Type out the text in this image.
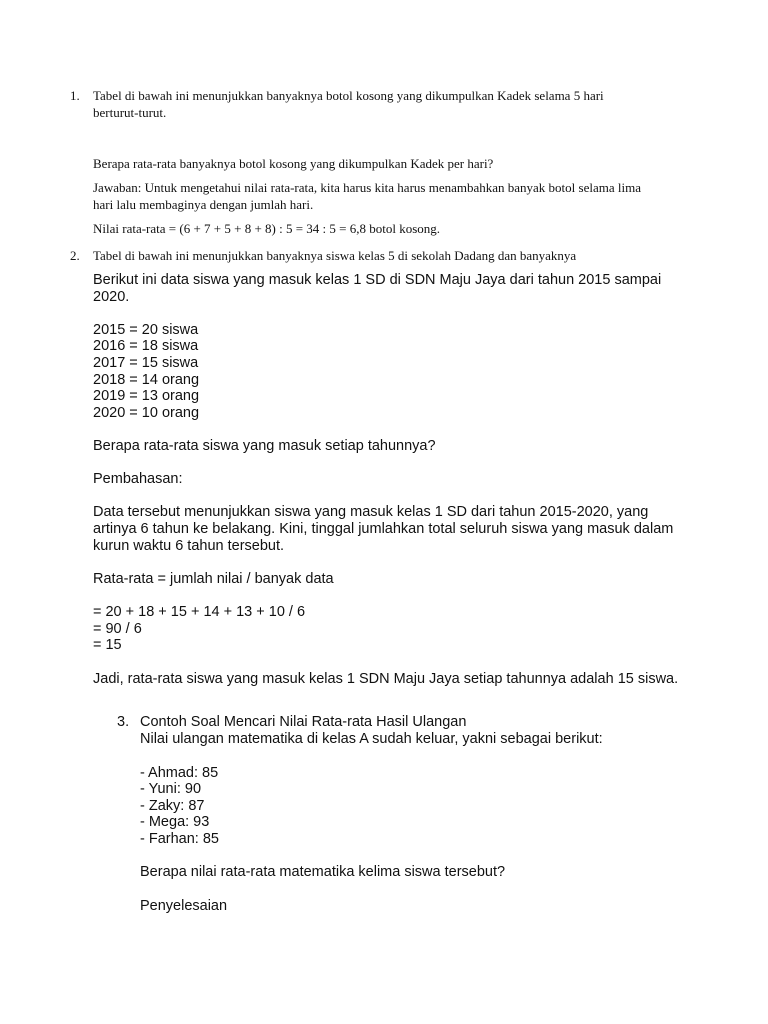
1. Tabel di bawah ini menunjukkan banyaknya botol kosong yang dikumpulkan Kadek selama 5 hari
berturut-turut.
Berapa rata-rata banyaknya botol kosong yang dikumpulkan Kadek per hari?
Jawaban: Untuk mengetahui nilai rata-rata, kita harus kita harus menambahkan banyak botol selama lima
hari lalu membaginya dengan jumlah hari.
Nilai rata-rata = (6 + 7 + 5 + 8 + 8) : 5 = 34 : 5 = 6,8 botol kosong.
2. Tabel di bawah ini menunjukkan banyaknya siswa kelas 5 di sekolah Dadang dan banyaknya
Berikut ini data siswa yang masuk kelas 1 SD di SDN Maju Jaya dari tahun 2015 sampai
2020.
2015 = 20 siswa
2016 = 18 siswa
2017 = 15 siswa
2018 = 14 orang
2019 = 13 orang
2020 = 10 orang
Berapa rata-rata siswa yang masuk setiap tahunnya?
Pembahasan:
Data tersebut menunjukkan siswa yang masuk kelas 1 SD dari tahun 2015-2020, yang
artinya 6 tahun ke belakang. Kini, tinggal jumlahkan total seluruh siswa yang masuk dalam
kurun waktu 6 tahun tersebut.
Rata-rata = jumlah nilai / banyak data
= 20 + 18 + 15 + 14 + 13 + 10 / 6
= 90 / 6
= 15
Jadi, rata-rata siswa yang masuk kelas 1 SDN Maju Jaya setiap tahunnya adalah 15 siswa.
3. Contoh Soal Mencari Nilai Rata-rata Hasil Ulangan
Nilai ulangan matematika di kelas A sudah keluar, yakni sebagai berikut:
- Ahmad: 85
- Yuni: 90
- Zaky: 87
- Mega: 93
- Farhan: 85
Berapa nilai rata-rata matematika kelima siswa tersebut?
Penyelesaian
